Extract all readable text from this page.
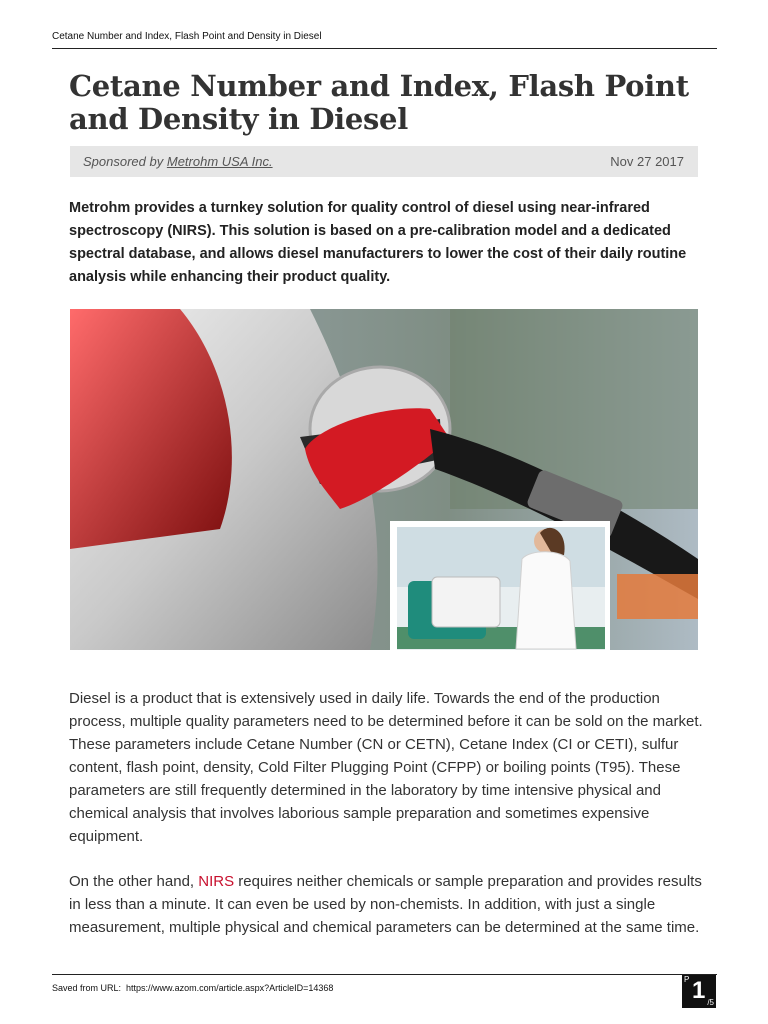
Cetane Number and Index, Flash Point and Density in Diesel
Cetane Number and Index, Flash Point and Density in Diesel
Sponsored by Metrohm USA Inc.	Nov 27 2017

Metrohm provides a turnkey solution for quality control of diesel using near-infrared spectroscopy (NIRS). This solution is based on a pre-calibration model and a dedicated spectral database, and allows diesel manufacturers to lower the cost of their daily routine analysis while enhancing their product quality.

Diesel is a product that is extensively used in daily life. Towards the end of the production process, multiple quality parameters need to be determined before it can be sold on the market. These parameters include Cetane Number (CN or CETN), Cetane Index (CI or CETI), sulfur content, flash point, density, Cold Filter Plugging Point (CFPP) or boiling points (T95). These parameters are still frequently determined in the laboratory by time intensive physical and chemical analysis that involves laborious sample preparation and sometimes expensive equipment.

On the other hand, NIRS requires neither chemicals or sample preparation and provides results in less than a minute. It can even be used by non-chemists. In addition, with just a single measurement, multiple physical and chemical parameters can be determined at the same time.

Saved from URL: https://www.azom.com/article.aspx?ArticleID=14368
P 1 /5
